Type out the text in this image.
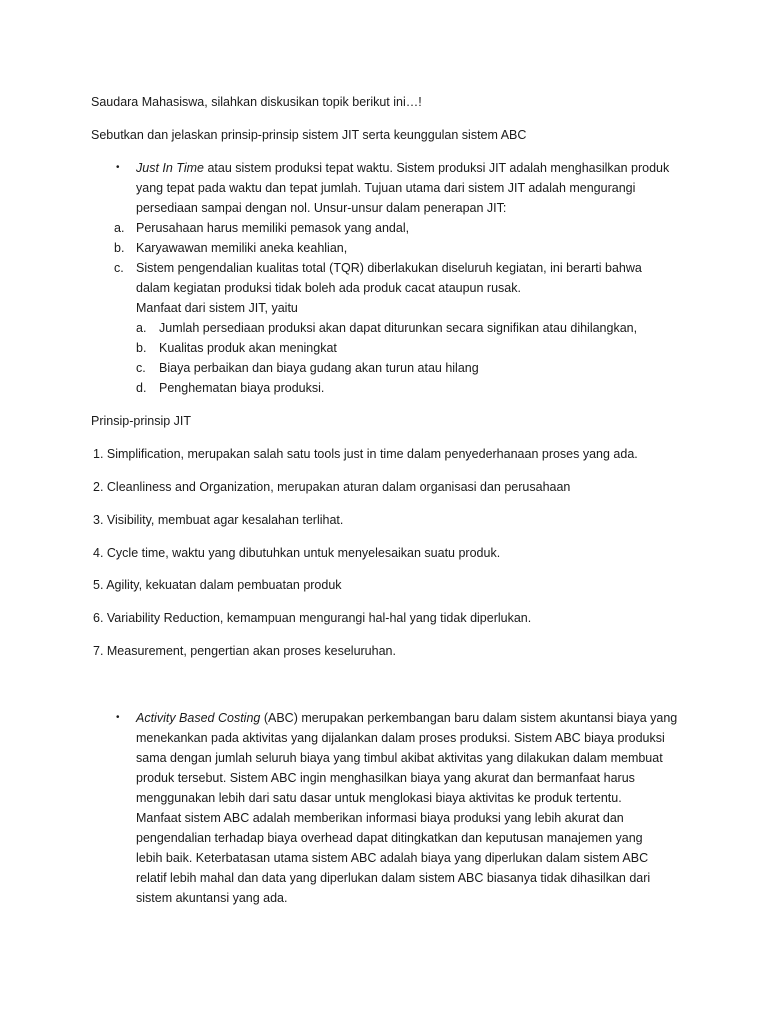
Saudara Mahasiswa, silahkan diskusikan topik berikut ini…!
Sebutkan dan jelaskan prinsip-prinsip sistem JIT serta keunggulan sistem ABC
• Just In Time atau sistem produksi tepat waktu. Sistem produksi JIT adalah menghasilkan produk
yang tepat pada waktu dan tepat jumlah. Tujuan utama dari sistem JIT adalah mengurangi
persediaan sampai dengan nol. Unsur-unsur dalam penerapan JIT:
a. Perusahaan harus memiliki pemasok yang andal,
b. Karyawawan memiliki aneka keahlian,
c. Sistem pengendalian kualitas total (TQR) diberlakukan diseluruh kegiatan, ini berarti bahwa
dalam kegiatan produksi tidak boleh ada produk cacat ataupun rusak.
Manfaat dari sistem JIT, yaitu
a. Jumlah persediaan produksi akan dapat diturunkan secara signifikan atau dihilangkan,
b. Kualitas produk akan meningkat
c. Biaya perbaikan dan biaya gudang akan turun atau hilang
d. Penghematan biaya produksi.
Prinsip-prinsip JIT
1. Simplification, merupakan salah satu tools just in time dalam penyederhanaan proses yang ada.
2. Cleanliness and Organization, merupakan aturan dalam organisasi dan perusahaan
3. Visibility, membuat agar kesalahan terlihat.
4. Cycle time, waktu yang dibutuhkan untuk menyelesaikan suatu produk.
5. Agility, kekuatan dalam pembuatan produk
6. Variability Reduction, kemampuan mengurangi hal-hal yang tidak diperlukan.
7. Measurement, pengertian akan proses keseluruhan.
• Activity Based Costing (ABC) merupakan perkembangan baru dalam sistem akuntansi biaya yang
menekankan pada aktivitas yang dijalankan dalam proses produksi. Sistem ABC biaya produksi
sama dengan jumlah seluruh biaya yang timbul akibat aktivitas yang dilakukan dalam membuat
produk tersebut. Sistem ABC ingin menghasilkan biaya yang akurat dan bermanfaat harus
menggunakan lebih dari satu dasar untuk menglokasi biaya aktivitas ke produk tertentu.
Manfaat sistem ABC adalah memberikan informasi biaya produksi yang lebih akurat dan
pengendalian terhadap biaya overhead dapat ditingkatkan dan keputusan manajemen yang
lebih baik. Keterbatasan utama sistem ABC adalah biaya yang diperlukan dalam sistem ABC
relatif lebih mahal dan data yang diperlukan dalam sistem ABC biasanya tidak dihasilkan dari
sistem akuntansi yang ada.
